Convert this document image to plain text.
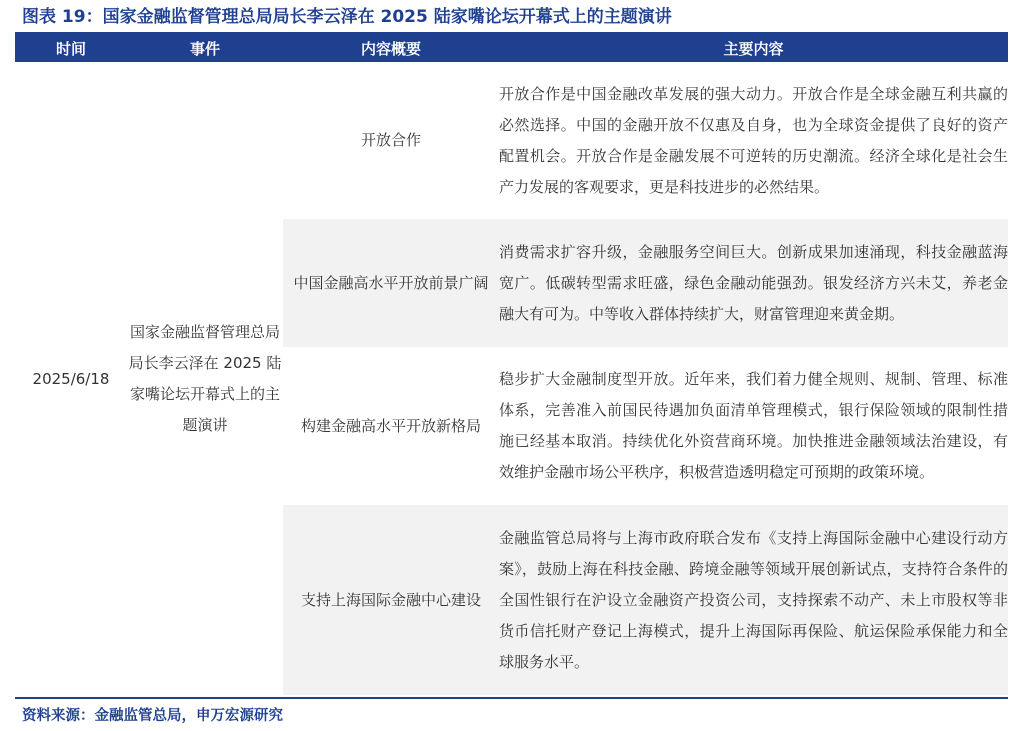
图表 19：国家金融监督管理总局局长李云泽在 2025 陆家嘴论坛开幕式上的主题演讲
时间	事件	内容概要	主要内容
2025/6/18	国家金融监督管理总局局长李云泽在 2025 陆家嘴论坛开幕式上的主题演讲	开放合作	开放合作是中国金融改革发展的强大动力。开放合作是全球金融互利共赢的必然选择。中国的金融开放不仅惠及自身，也为全球资金提供了良好的资产配置机会。开放合作是金融发展不可逆转的历史潮流。经济全球化是社会生产力发展的客观要求，更是科技进步的必然结果。
		中国金融高水平开放前景广阔	消费需求扩容升级，金融服务空间巨大。创新成果加速涌现，科技金融蓝海宽广。低碳转型需求旺盛，绿色金融动能强劲。银发经济方兴未艾，养老金融大有可为。中等收入群体持续扩大，财富管理迎来黄金期。
		构建金融高水平开放新格局	稳步扩大金融制度型开放。近年来，我们着力健全规则、规制、管理、标准体系，完善准入前国民待遇加负面清单管理模式，银行保险领域的限制性措施已经基本取消。持续优化外资营商环境。加快推进金融领域法治建设，有效维护金融市场公平秩序，积极营造透明稳定可预期的政策环境。
		支持上海国际金融中心建设	金融监管总局将与上海市政府联合发布《支持上海国际金融中心建设行动方案》，鼓励上海在科技金融、跨境金融等领域开展创新试点，支持符合条件的全国性银行在沪设立金融资产投资公司，支持探索不动产、未上市股权等非货币信托财产登记上海模式，提升上海国际再保险、航运保险承保能力和全球服务水平。
资料来源：金融监管总局，申万宏源研究
